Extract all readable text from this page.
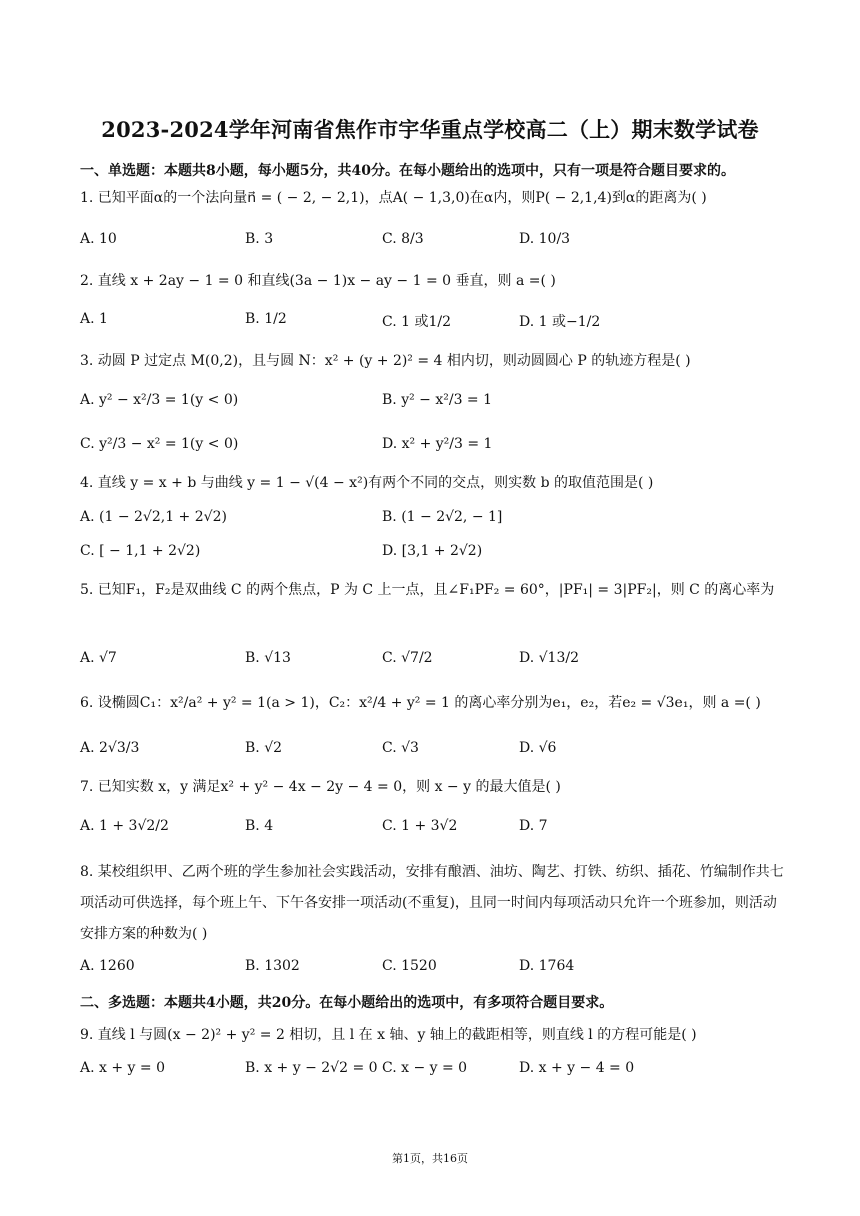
2023-2024学年河南省焦作市宇华重点学校高二（上）期末数学试卷
一、单选题：本题共8小题，每小题5分，共40分。在每小题给出的选项中，只有一项是符合题目要求的。
1. 已知平面α的一个法向量n⃗ = ( − 2, − 2,1)，点A( − 1,3,0)在α内，则P( − 2,1,4)到α的距离为( )
A. 10	B. 3	C. 8/3	D. 10/3
2. 直线 x + 2ay − 1 = 0 和直线(3a − 1)x − ay − 1 = 0 垂直，则 a =( )
A. 1	B. 1/2	C. 1 或1/2	D. 1 或−1/2
3. 动圆 P 过定点 M(0,2)，且与圆 N：x² + (y + 2)² = 4 相内切，则动圆圆心 P 的轨迹方程是( )
A. y² − x²/3 = 1(y < 0)	B. y² − x²/3 = 1
C. y²/3 − x² = 1(y < 0)	D. x² + y²/3 = 1
4. 直线 y = x + b 与曲线 y = 1 − √(4 − x²)有两个不同的交点，则实数 b 的取值范围是( )
A. (1 − 2√2,1 + 2√2)	B. (1 − 2√2, − 1]
C. [ − 1,1 + 2√2)	D. [3,1 + 2√2)
5. 已知F₁，F₂是双曲线 C 的两个焦点，P 为 C 上一点，且∠F₁PF₂ = 60°，|PF₁| = 3|PF₂|，则 C 的离心率为
A. √7	B. √13	C. √7/2	D. √13/2
6. 设椭圆C₁：x²/a² + y² = 1(a > 1)，C₂：x²/4 + y² = 1 的离心率分别为e₁，e₂，若e₂ = √3e₁，则 a =( )
A. 2√3/3	B. √2	C. √3	D. √6
7. 已知实数 x，y 满足x² + y² − 4x − 2y − 4 = 0，则 x − y 的最大值是( )
A. 1 + 3√2/2	B. 4	C. 1 + 3√2	D. 7
8. 某校组织甲、乙两个班的学生参加社会实践活动，安排有酿酒、油坊、陶艺、打铁、纺织、插花、竹编制作共七项活动可供选择，每个班上午、下午各安排一项活动(不重复)，且同一时间内每项活动只允许一个班参加，则活动安排方案的种数为( )
A. 1260	B. 1302	C. 1520	D. 1764
二、多选题：本题共4小题，共20分。在每小题给出的选项中，有多项符合题目要求。
9. 直线 l 与圆(x − 2)² + y² = 2 相切，且 l 在 x 轴、y 轴上的截距相等，则直线 l 的方程可能是( )
A. x + y = 0	B. x + y − 2√2 = 0 C. x − y = 0	D. x + y − 4 = 0
第1页，共16页
